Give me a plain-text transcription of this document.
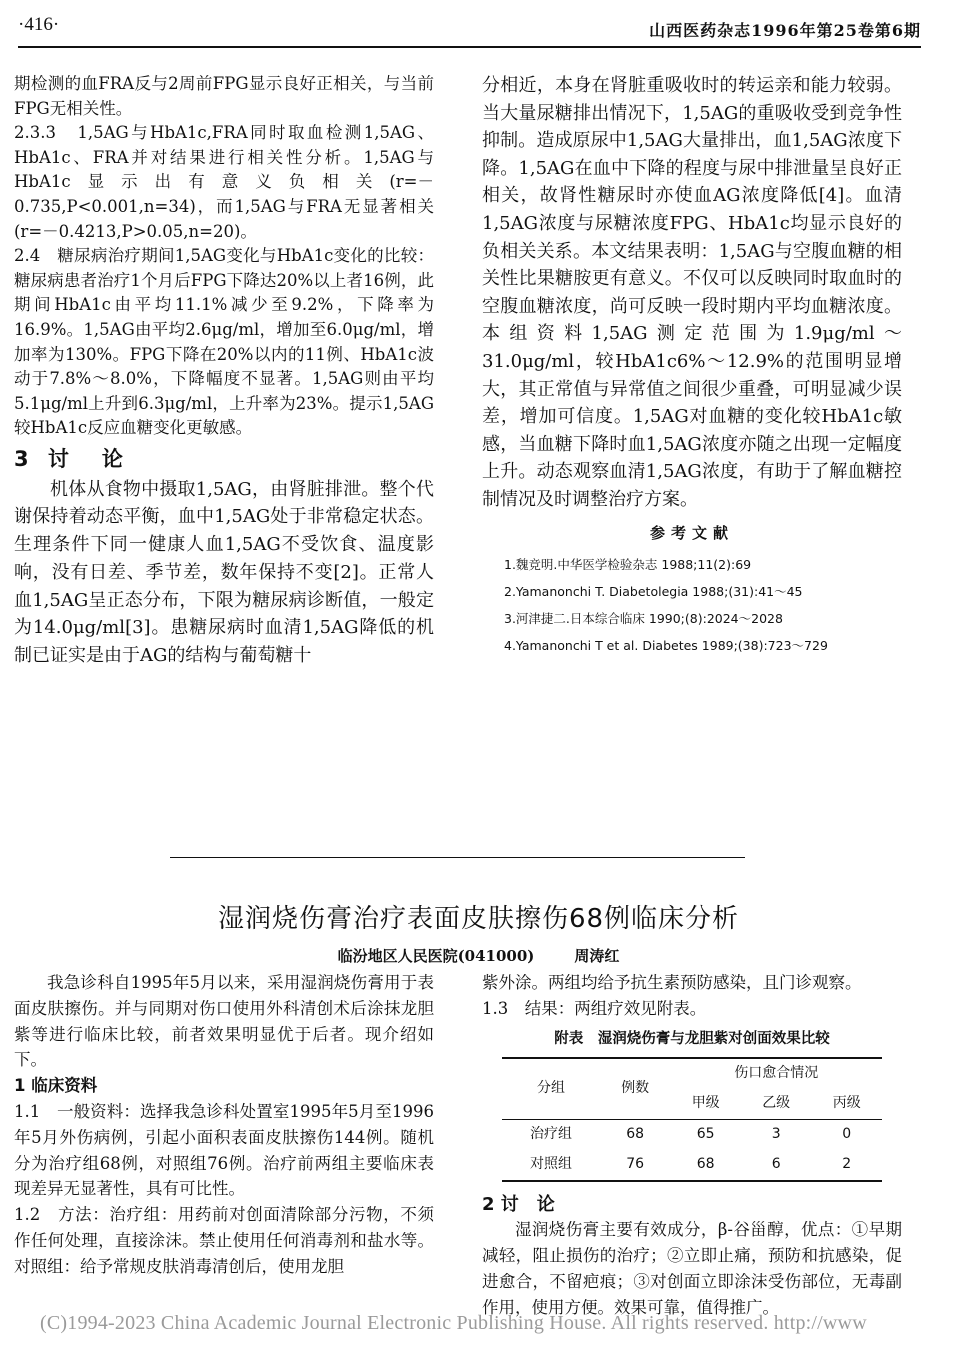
·416·	山西医药杂志1996年第25卷第6期

期检测的血FRA反与2周前FPG显示良好正相关，与当前FPG无相关性。

2.3.3　1,5AG与HbA1c,FRA同时取血检测1,5AG、HbA1c、FRA并对结果进行相关性分析。1,5AG与HbA1c显示出有意义负相关(r=－0.735,P<0.001,n=34)，而1,5AG与FRA无显著相关(r=－0.4213,P>0.05,n=20)。

2.4　糖尿病治疗期间1,5AG变化与HbA1c变化的比较：糖尿病患者治疗1个月后FPG下降达20%以上者16例，此期间HbA1c由平均11.1%减少至9.2%，下降率为16.9%。1,5AG由平均2.6μg/ml，增加至6.0μg/ml，增加率为130%。FPG下降在20%以内的11例、HbA1c波动于7.8%～8.0%，下降幅度不显著。1,5AG则由平均5.1μg/ml上升到6.3μg/ml，上升率为23%。提示1,5AG较HbA1c反应血糖变化更敏感。

3 讨　论

机体从食物中摄取1,5AG，由肾脏排泄。整个代谢保持着动态平衡，血中1,5AG处于非常稳定状态。生理条件下同一健康人血1,5AG不受饮食、温度影响，没有日差、季节差，数年保持不变[2]。正常人血1,5AG呈正态分布，下限为糖尿病诊断值，一般定为14.0μg/ml[3]。患糖尿病时血清1,5AG降低的机制已证实是由于AG的结构与葡萄糖十

分相近，本身在肾脏重吸收时的转运亲和能力较弱。当大量尿糖排出情况下，1,5AG的重吸收受到竞争性抑制。造成原尿中1,5AG大量排出，血1,5AG浓度下降。1,5AG在血中下降的程度与尿中排泄量呈良好正相关，故肾性糖尿时亦使血AG浓度降低[4]。血清1,5AG浓度与尿糖浓度FPG、HbA1c均显示良好的负相关关系。本文结果表明：1,5AG与空腹血糖的相关性比果糖胺更有意义。不仅可以反映同时取血时的空腹血糖浓度，尚可反映一段时期内平均血糖浓度。本组资料1,5AG测定范围为1.9μg/ml～31.0μg/ml，较HbA1c6%～12.9%的范围明显增大，其正常值与异常值之间很少重叠，可明显减少误差，增加可信度。1,5AG对血糖的变化较HbA1c敏感，当血糖下降时血1,5AG浓度亦随之出现一定幅度上升。动态观察血清1,5AG浓度，有助于了解血糖控制情况及时调整治疗方案。

参考文献
1.魏竞明.中华医学检验杂志 1988;11(2):69
2.Yamanonchi T. Diabetolegia 1988;(31):41～45
3.河津捷二.日本综合临床 1990;(8):2024～2028
4.Yamanonchi T et al. Diabetes 1989;(38):723～729
湿润烧伤膏治疗表面皮肤擦伤68例临床分析
临汾地区人民医院(041000)	周涛红

我急诊科自1995年5月以来，采用湿润烧伤膏用于表面皮肤擦伤。并与同期对伤口使用外科清创术后涂抹龙胆紫等进行临床比较，前者效果明显优于后者。现介绍如下。

1 临床资料

1.1　一般资料：选择我急诊科处置室1995年5月至1996年5月外伤病例，引起小面积表面皮肤擦伤144例。随机分为治疗组68例，对照组76例。治疗前两组主要临床表现差异无显著性，具有可比性。

1.2　方法：治疗组：用药前对创面清除部分污物，不须作任何处理，直接涂沫。禁止使用任何消毒剂和盐水等。对照组：给予常规皮肤消毒清创后，使用龙胆

紫外涂。两组均给予抗生素预防感染，且门诊观察。

1.3　结果：两组疗效见附表。

附表　湿润烧伤膏与龙胆紫对创面效果比较
分组	例数	伤口愈合情况		
		甲级	乙级	丙级
治疗组	68	65	3	0
对照组	76	68	6	2

2 讨　论

湿润烧伤膏主要有效成分，β-谷甾醇，优点：①早期减轻，阻止损伤的治疗；②立即止痛，预防和抗感染，促进愈合，不留疤痕；③对创面立即涂沫受伤部位，无毒副作用，使用方便。效果可靠，值得推广。

(C)1994-2023 China Academic Journal Electronic Publishing House. All rights reserved. http://www
